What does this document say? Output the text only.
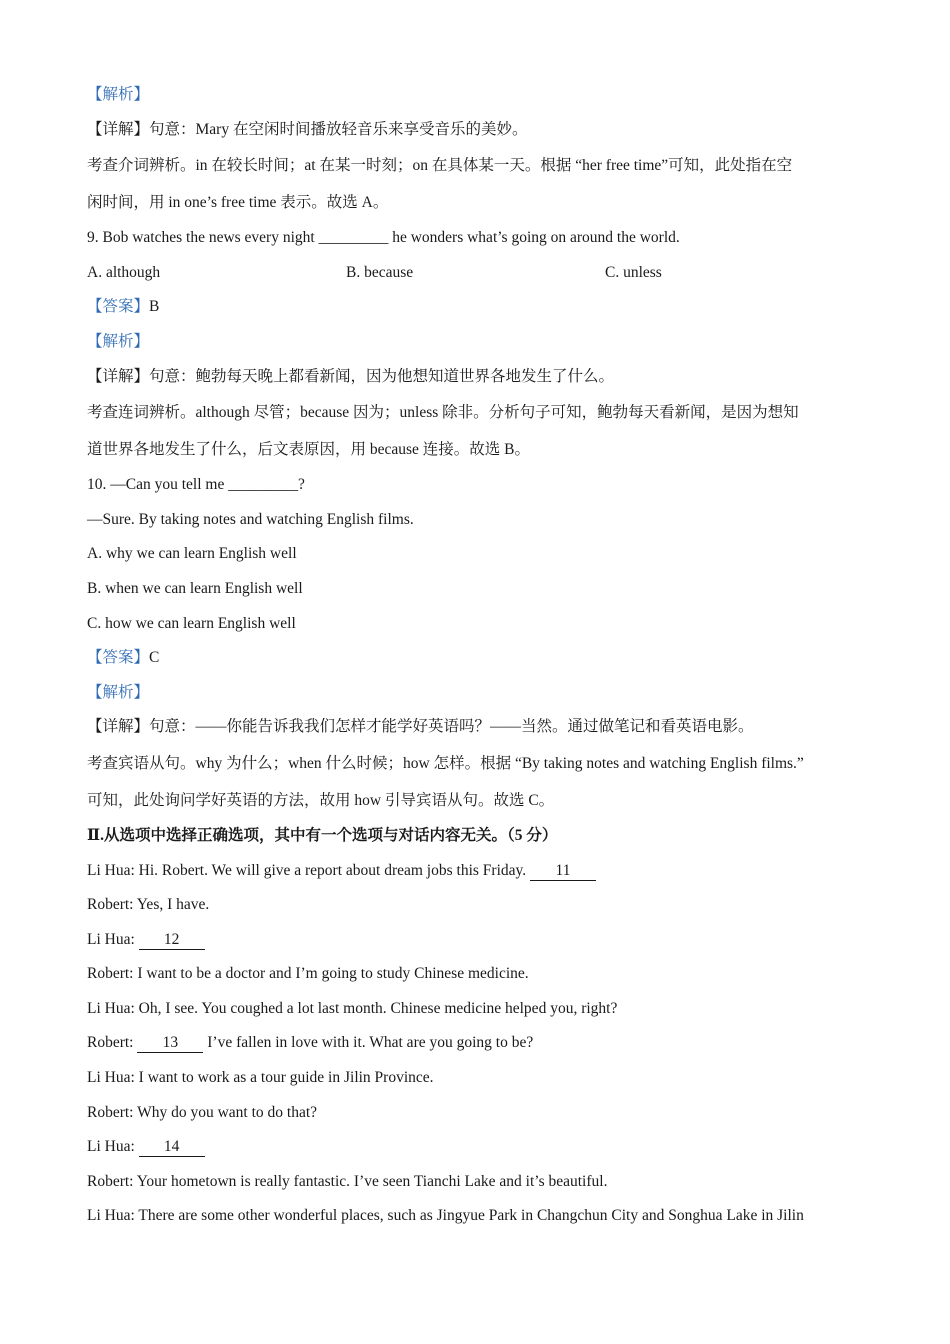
【解析】
【详解】句意：Mary 在空闲时间播放轻音乐来享受音乐的美妙。
考查介词辨析。in 在较长时间；at 在某一时刻；on 在具体某一天。根据 “her free time”可知，此处指在空
闲时间，用 in one’s free time 表示。故选 A。
9. Bob watches the news every night _________ he wonders what’s going on around the world.
A. although	B. because	C. unless
【答案】B
【解析】
【详解】句意：鲍勃每天晚上都看新闻，因为他想知道世界各地发生了什么。
考查连词辨析。although 尽管；because 因为；unless 除非。分析句子可知，鲍勃每天看新闻，是因为想知
道世界各地发生了什么，后文表原因，用 because 连接。故选 B。
10. —Can you tell me _________?
—Sure. By taking notes and watching English films.
A. why we can learn English well
B. when we can learn English well
C. how we can learn English well
【答案】C
【解析】
【详解】句意：——你能告诉我我们怎样才能学好英语吗？——当然。通过做笔记和看英语电影。
考查宾语从句。why 为什么；when 什么时候；how 怎样。根据 “By taking notes and watching English films.”
可知，此处询问学好英语的方法，故用 how 引导宾语从句。故选 C。
Ⅱ.从选项中选择正确选项，其中有一个选项与对话内容无关。（5 分）
Li Hua: Hi. Robert. We will give a report about dream jobs this Friday. 11
Robert: Yes, I have.
Li Hua: 12
Robert: I want to be a doctor and I’m going to study Chinese medicine.
Li Hua: Oh, I see. You coughed a lot last month. Chinese medicine helped you, right?
Robert: 13 I’ve fallen in love with it. What are you going to be?
Li Hua: I want to work as a tour guide in Jilin Province.
Robert: Why do you want to do that?
Li Hua: 14
Robert: Your hometown is really fantastic. I’ve seen Tianchi Lake and it’s beautiful.
Li Hua: There are some other wonderful places, such as Jingyue Park in Changchun City and Songhua Lake in Jilin
